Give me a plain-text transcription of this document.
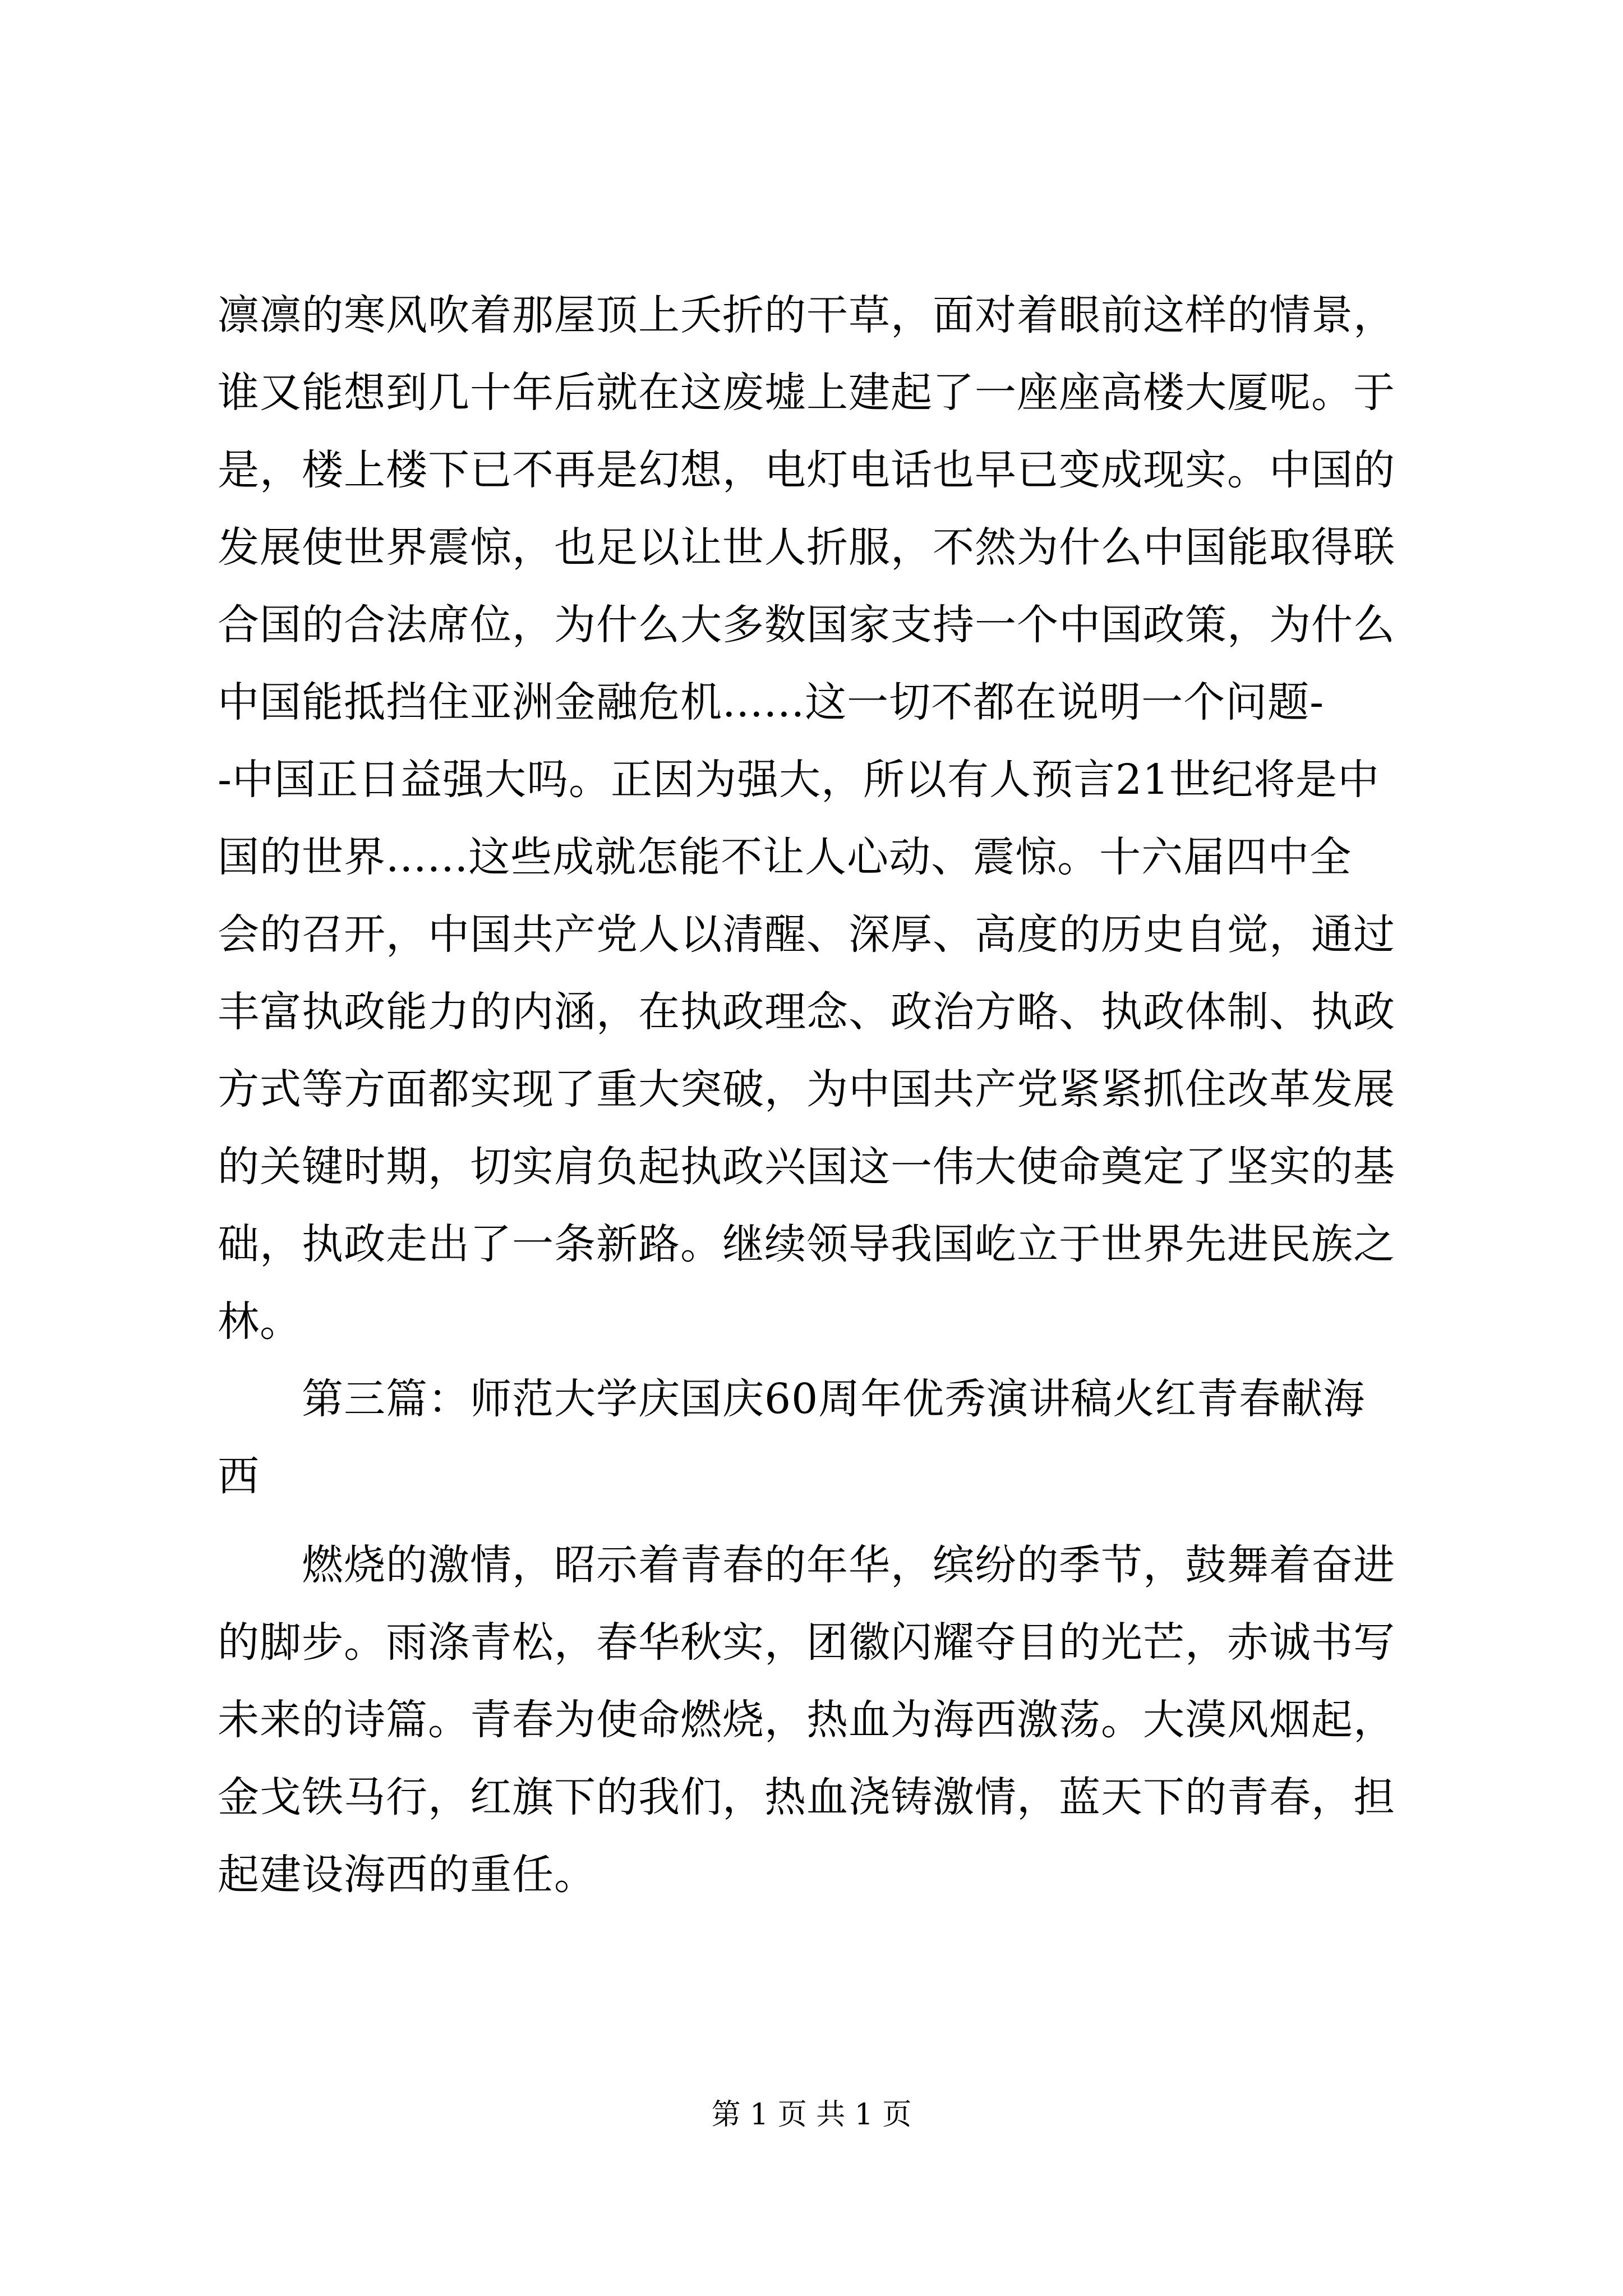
凛凛的寒风吹着那屋顶上夭折的干草，面对着眼前这样的情景，
谁又能想到几十年后就在这废墟上建起了一座座高楼大厦呢。于
是，楼上楼下已不再是幻想，电灯电话也早已变成现实。中国的
发展使世界震惊，也足以让世人折服，不然为什么中国能取得联
合国的合法席位，为什么大多数国家支持一个中国政策，为什么
中国能抵挡住亚洲金融危机......这一切不都在说明一个问题-
-中国正日益强大吗。正因为强大，所以有人预言21世纪将是中
国的世界......这些成就怎能不让人心动、震惊。十六届四中全
会的召开，中国共产党人以清醒、深厚、高度的历史自觉，通过
丰富执政能力的内涵，在执政理念、政治方略、执政体制、执政
方式等方面都实现了重大突破，为中国共产党紧紧抓住改革发展
的关键时期，切实肩负起执政兴国这一伟大使命奠定了坚实的基
础，执政走出了一条新路。继续领导我国屹立于世界先进民族之
林。
第三篇：师范大学庆国庆60周年优秀演讲稿火红青春献海
西
燃烧的激情，昭示着青春的年华，缤纷的季节，鼓舞着奋进
的脚步。雨涤青松，春华秋实，团徽闪耀夺目的光芒，赤诚书写
未来的诗篇。青春为使命燃烧，热血为海西激荡。大漠风烟起，
金戈铁马行，红旗下的我们，热血浇铸激情，蓝天下的青春，担
起建设海西的重任。
第 1 页 共 1 页
